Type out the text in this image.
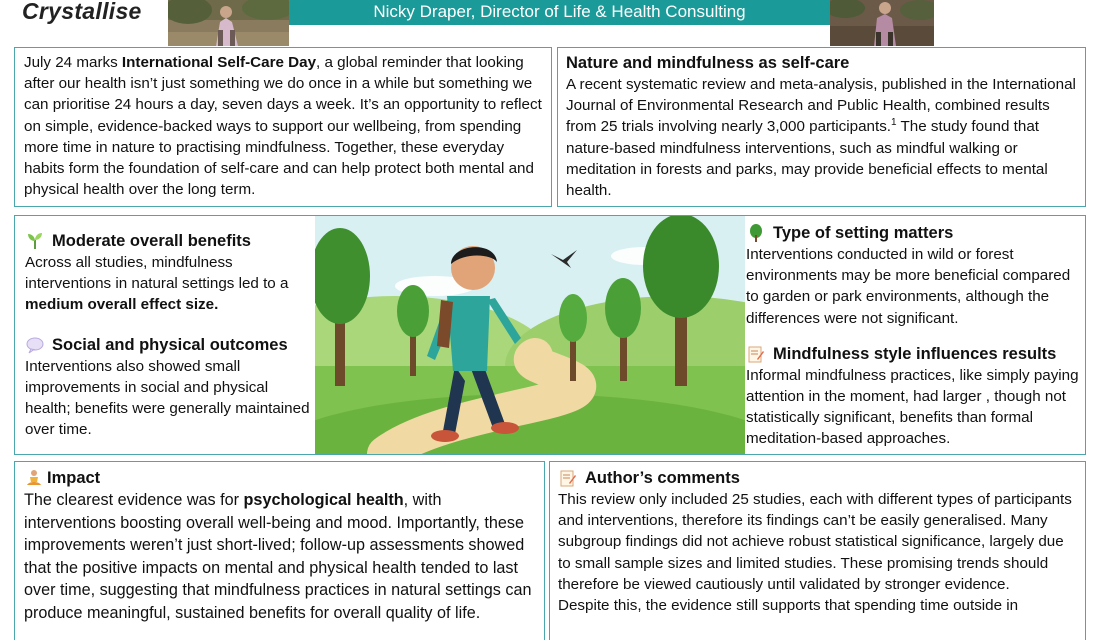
Crystallise	Nicky Draper, Director of Life & Health Consulting

July 24 marks International Self-Care Day, a global reminder that looking after our health isn’t just something we do once in a while but something we can prioritise 24 hours a day, seven days a week. It’s an opportunity to reflect on simple, evidence-backed ways to support our wellbeing, from spending more time in nature to practising mindfulness. Together, these everyday habits form the foundation of self-care and can help protect both mental and physical health over the long term.

Nature and mindfulness as self-care

A recent systematic review and meta-analysis, published in the International Journal of Environmental Research and Public Health, combined results from 25 trials involving nearly 3,000 participants.$^1$ The study found that nature-based mindfulness interventions, such as mindful walking or meditation in forests and parks, may provide beneficial effects to mental health.

Moderate overall benefits

Across all studies, mindfulness interventions in natural settings led to a medium overall effect size.

Social and physical outcomes

Interventions also showed small improvements in social and physical health; benefits were generally maintained over time.

Type of setting matters

Interventions conducted in wild or forest environments may be more beneficial compared to garden or park environments, although the differences were not significant.

Mindfulness style influences results

Informal mindfulness practices, like simply paying attention in the moment, had larger , though not statistically significant, benefits than formal meditation-based approaches.

Impact

The clearest evidence was for psychological health, with interventions boosting overall well-being and mood. Importantly, these improvements weren’t just short-lived; follow-up assessments showed that the positive impacts on mental and physical health tended to last over time, suggesting that mindfulness practices in natural settings can produce meaningful, sustained benefits for overall quality of life.

Author’s comments

This review only included 25 studies, each with different types of participants and interventions, therefore its findings can’t be easily generalised. Many subgroup findings did not achieve robust statistical significance, largely due to small sample sizes and limited studies. These promising trends should therefore be viewed cautiously until validated by stronger evidence.

Despite this, the evidence still supports that spending time outside in
